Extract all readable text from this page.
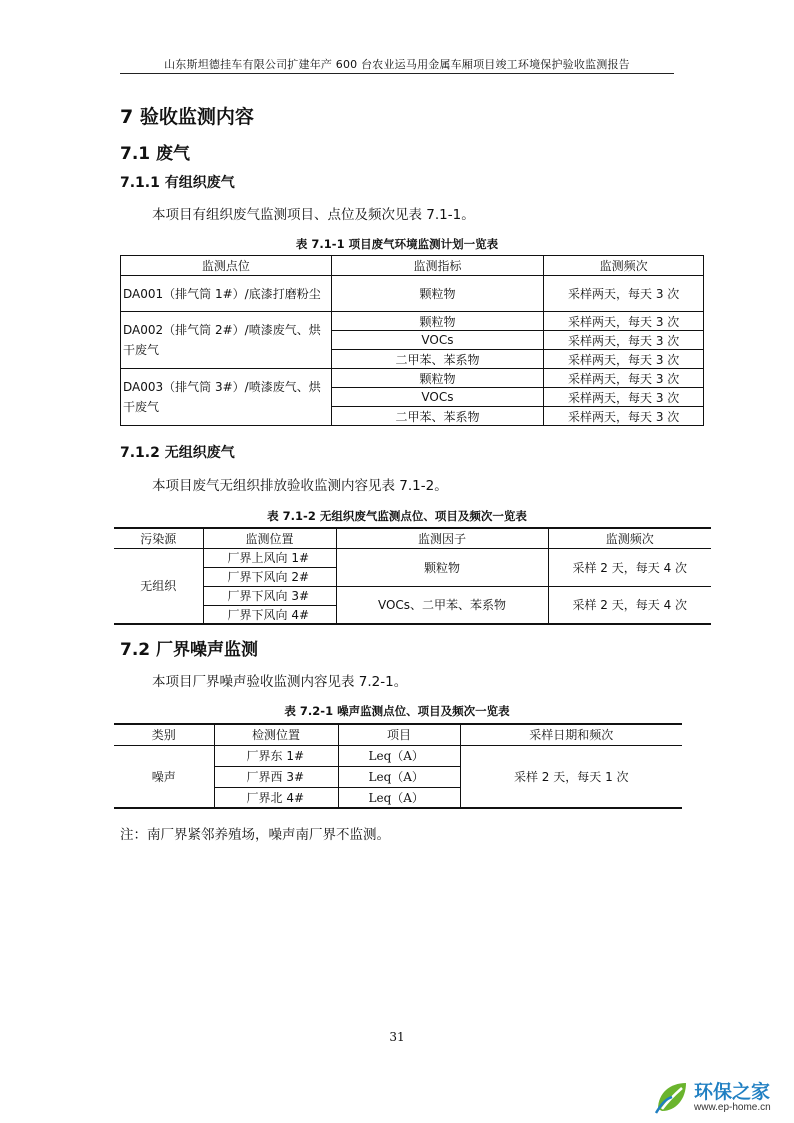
山东斯坦德挂车有限公司扩建年产 600 台农业运马用金属车厢项目竣工环境保护验收监测报告
7 验收监测内容
7.1 废气
7.1.1 有组织废气
本项目有组织废气监测项目、点位及频次见表 7.1-1。
表 7.1-1 项目废气环境监测计划一览表
监测点位	监测指标	监测频次
DA001（排气筒 1#）/底漆打磨粉尘	颗粒物	采样两天，每天 3 次
DA002（排气筒 2#）/喷漆废气、烘干废气	颗粒物	采样两天，每天 3 次
	VOCs	采样两天，每天 3 次
	二甲苯、苯系物	采样两天，每天 3 次
DA003（排气筒 3#）/喷漆废气、烘干废气	颗粒物	采样两天，每天 3 次
	VOCs	采样两天，每天 3 次
	二甲苯、苯系物	采样两天，每天 3 次
7.1.2 无组织废气
本项目废气无组织排放验收监测内容见表 7.1-2。
表 7.1-2 无组织废气监测点位、项目及频次一览表
污染源	监测位置	监测因子	监测频次
无组织	厂界上风向 1#	颗粒物	采样 2 天，每天 4 次
	厂界下风向 2#		
	厂界下风向 3#	VOCs、二甲苯、苯系物	采样 2 天，每天 4 次
	厂界下风向 4#		
7.2 厂界噪声监测
本项目厂界噪声验收监测内容见表 7.2-1。
表 7.2-1 噪声监测点位、项目及频次一览表
类别	检测位置	项目	采样日期和频次
噪声	厂界东 1#	Leq（A）	采样 2 天，每天 1 次
	厂界西 3#	Leq（A）	
	厂界北 4#	Leq（A）	
注：南厂界紧邻养殖场，噪声南厂界不监测。
31
环保之家
www.ep-home.cn
